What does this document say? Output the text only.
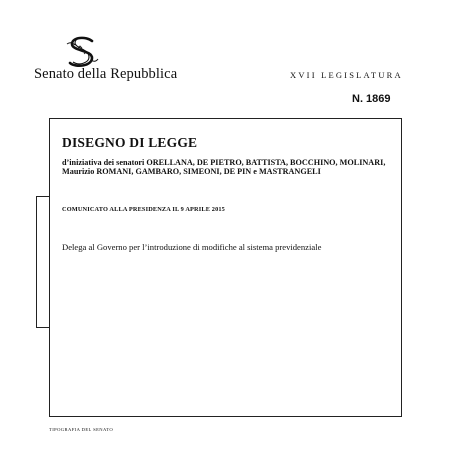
Senato della Repubblica	XVII LEGISLATURA
N. 1869
DISEGNO DI LEGGE
d’iniziativa dei senatori ORELLANA, DE PIETRO, BATTISTA, BOCCHINO, MOLINARI, Maurizio ROMANI, GAMBARO, SIMEONI, DE PIN e MASTRANGELI
COMUNICATO ALLA PRESIDENZA IL 9 APRILE 2015
Delega al Governo per l’introduzione di modifiche al sistema previdenziale
TIPOGRAFIA DEL SENATO
